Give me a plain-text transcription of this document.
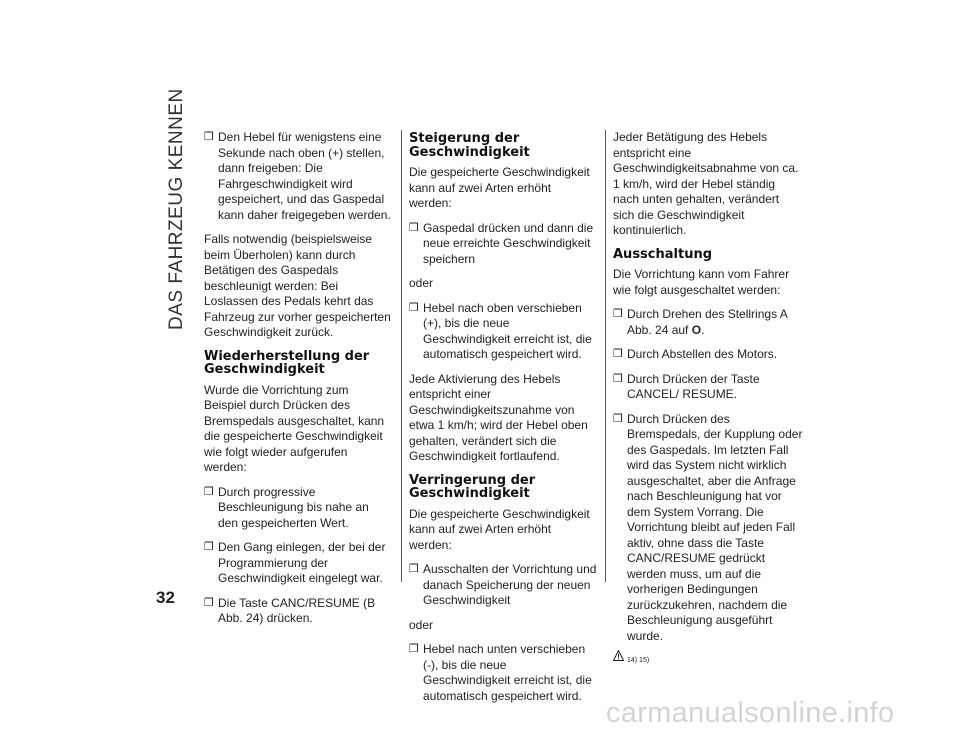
DAS FAHRZEUG KENNEN ❒ Den Hebel für wenigstens eine Sekunde nach oben (+) stellen, dann freigeben: Die Fahrgeschwindigkeit wird gespeichert, und das Gaspedal kann daher freigegeben werden.

Falls notwendig (beispielsweise beim Überholen) kann durch Betätigen des Gaspedals beschleunigt werden: Bei Loslassen des Pedals kehrt das Fahrzeug zur vorher gespeicherten Geschwindigkeit zurück.

Wiederherstellung der Geschwindigkeit

Wurde die Vorrichtung zum Beispiel durch Drücken des Bremspedals ausgeschaltet, kann die gespeicherte Geschwindigkeit wie folgt wieder aufgerufen werden:

❒ Durch progressive Beschleunigung bis nahe an den gespeicherten Wert.
❒ Den Gang einlegen, der bei der Programmierung der Geschwindigkeit eingelegt war.
❒ Die Taste CANC/RESUME (B Abb. 24) drücken.
Steigerung der Geschwindigkeit

Die gespeicherte Geschwindigkeit kann auf zwei Arten erhöht werden:

❒ Gaspedal drücken und dann die neue erreichte Geschwindigkeit speichern

oder

❒ Hebel nach oben verschieben (+), bis die neue Geschwindigkeit erreicht ist, die automatisch gespeichert wird.

Jede Aktivierung des Hebels entspricht einer Geschwindigkeitszunahme von etwa 1 km/h; wird der Hebel oben gehalten, verändert sich die Geschwindigkeit fortlaufend.

Verringerung der Geschwindigkeit

Die gespeicherte Geschwindigkeit kann auf zwei Arten erhöht werden:

❒ Ausschalten der Vorrichtung und danach Speicherung der neuen Geschwindigkeit

oder

❒ Hebel nach unten verschieben (-), bis die neue Geschwindigkeit erreicht ist, die automatisch gespeichert wird.

Jeder Betätigung des Hebels entspricht eine Geschwindigkeitsabnahme von ca. 1 km/h, wird der Hebel ständig nach unten gehalten, verändert sich die Geschwindigkeit kontinuierlich.

Ausschaltung

Die Vorrichtung kann vom Fahrer wie folgt ausgeschaltet werden:

❒ Durch Drehen des Stellrings A Abb. 24 auf O.
❒ Durch Abstellen des Motors.
❒ Durch Drücken der Taste CANCEL/ RESUME.
❒ Durch Drücken des Bremspedals, der Kupplung oder des Gaspedals. Im letzten Fall wird das System nicht wirklich ausgeschaltet, aber die Anfrage nach Beschleunigung hat vor dem System Vorrang. Die Vorrichtung bleibt auf jeden Fall aktiv, ohne dass die Taste CANC/RESUME gedrückt werden muss, um auf die vorherigen Bedingungen zurückzukehren, nachdem die Beschleunigung ausgeführt wurde.
14) 15)
32
carmanualsonline.info
